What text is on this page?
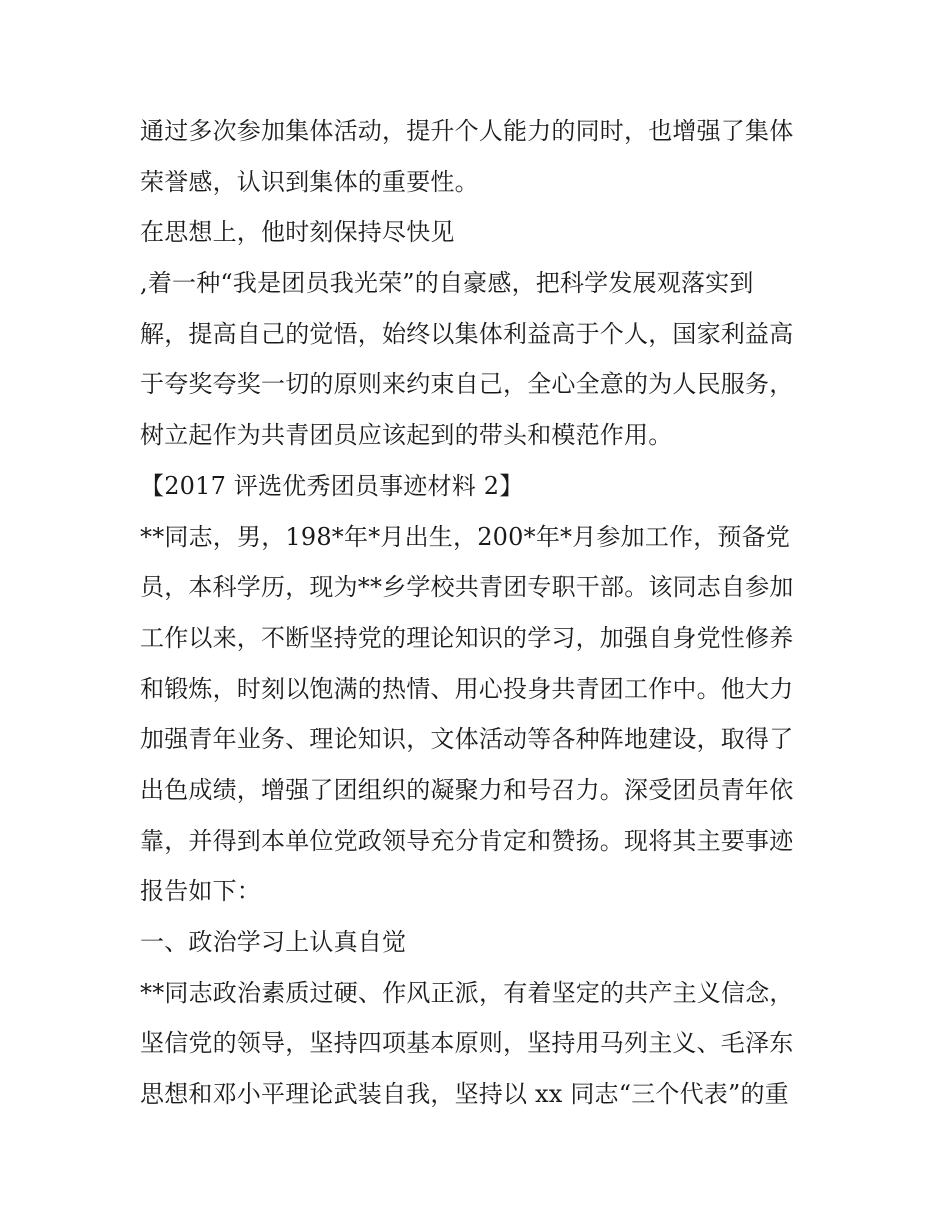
通过多次参加集体活动，提升个人能力的同时，也增强了集体
荣誉感，认识到集体的重要性。
在思想上，他时刻保持尽快见
,着一种“我是团员我光荣”的自豪感，把科学发展观落实到
解，提高自己的觉悟，始终以集体利益高于个人，国家利益高
于夸奖夸奖一切的原则来约束自己，全心全意的为人民服务，
树立起作为共青团员应该起到的带头和模范作用。
【2017 评选优秀团员事迹材料 2】
**同志，男，198*年*月出生，200*年*月参加工作，预备党
员，本科学历，现为**乡学校共青团专职干部。该同志自参加
工作以来，不断坚持党的理论知识的学习，加强自身党性修养
和锻炼，时刻以饱满的热情、用心投身共青团工作中。他大力
加强青年业务、理论知识，文体活动等各种阵地建设，取得了
出色成绩，增强了团组织的凝聚力和号召力。深受团员青年依
靠，并得到本单位党政领导充分肯定和赞扬。现将其主要事迹
报告如下：
一、政治学习上认真自觉
**同志政治素质过硬、作风正派，有着坚定的共产主义信念，
坚信党的领导，坚持四项基本原则，坚持用马列主义、毛泽东
思想和邓小平理论武装自我，坚持以 xx 同志“三个代表”的重
